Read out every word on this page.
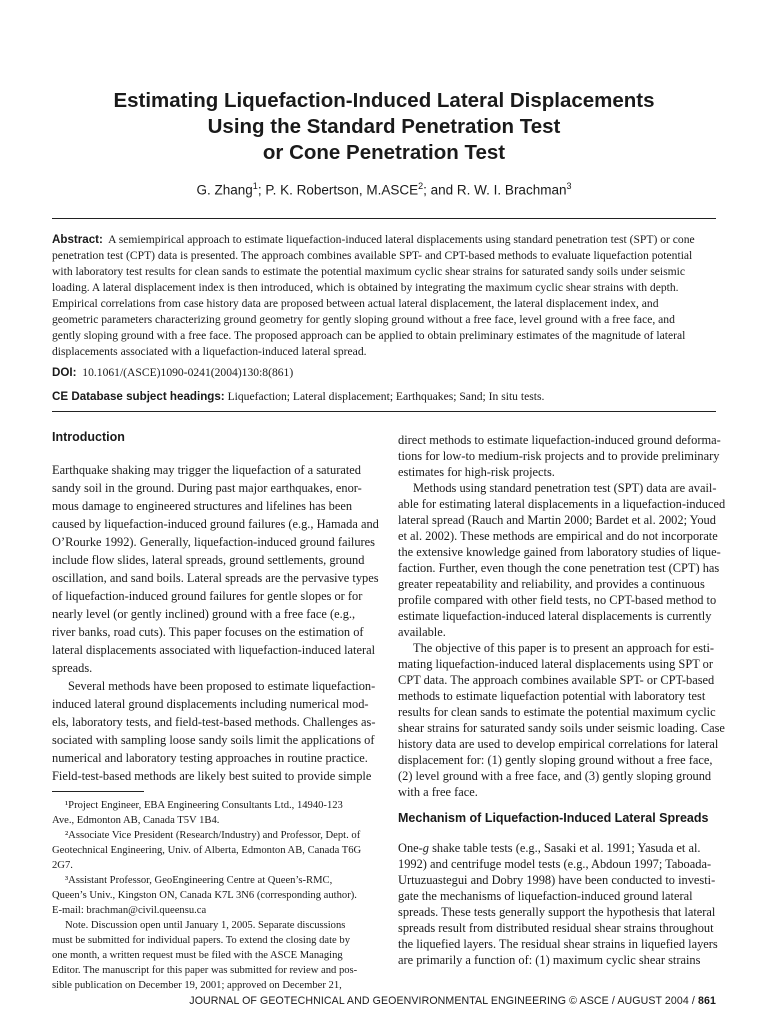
Estimating Liquefaction-Induced Lateral Displacements
Using the Standard Penetration Test
or Cone Penetration Test
G. Zhang$^1$; P. K. Robertson, M.ASCE$^2$; and R. W. I. Brachman$^3$
Abstract: A semiempirical approach to estimate liquefaction-induced lateral displacements using standard penetration test (SPT) or cone
penetration test (CPT) data is presented. The approach combines available SPT- and CPT-based methods to evaluate liquefaction potential
with laboratory test results for clean sands to estimate the potential maximum cyclic shear strains for saturated sandy soils under seismic
loading. A lateral displacement index is then introduced, which is obtained by integrating the maximum cyclic shear strains with depth.
Empirical correlations from case history data are proposed between actual lateral displacement, the lateral displacement index, and
geometric parameters characterizing ground geometry for gently sloping ground without a free face, level ground with a free face, and
gently sloping ground with a free face. The proposed approach can be applied to obtain preliminary estimates of the magnitude of lateral
displacements associated with a liquefaction-induced lateral spread.
DOI: 10.1061/(ASCE)1090-0241(2004)130:8(861)
CE Database subject headings: Liquefaction; Lateral displacement; Earthquakes; Sand; In situ tests.
Introduction
Earthquake shaking may trigger the liquefaction of a saturated
sandy soil in the ground. During past major earthquakes, enor-
mous damage to engineered structures and lifelines has been
caused by liquefaction-induced ground failures (e.g., Hamada and
O’Rourke 1992). Generally, liquefaction-induced ground failures
include flow slides, lateral spreads, ground settlements, ground
oscillation, and sand boils. Lateral spreads are the pervasive types
of liquefaction-induced ground failures for gentle slopes or for
nearly level (or gently inclined) ground with a free face (e.g.,
river banks, road cuts). This paper focuses on the estimation of
lateral displacements associated with liquefaction-induced lateral
spreads.
Several methods have been proposed to estimate liquefaction-
induced lateral ground displacements including numerical mod-
els, laboratory tests, and field-test-based methods. Challenges as-
sociated with sampling loose sandy soils limit the applications of
numerical and laboratory testing approaches in routine practice.
Field-test-based methods are likely best suited to provide simple
¹Project Engineer, EBA Engineering Consultants Ltd., 14940-123
Ave., Edmonton AB, Canada T5V 1B4.
²Associate Vice President (Research/Industry) and Professor, Dept. of
Geotechnical Engineering, Univ. of Alberta, Edmonton AB, Canada T6G
2G7.
³Assistant Professor, GeoEngineering Centre at Queen’s-RMC,
Queen’s Univ., Kingston ON, Canada K7L 3N6 (corresponding author).
E-mail: brachman@civil.queensu.ca
Note. Discussion open until January 1, 2005. Separate discussions
must be submitted for individual papers. To extend the closing date by
one month, a written request must be filed with the ASCE Managing
Editor. The manuscript for this paper was submitted for review and pos-
sible publication on December 19, 2001; approved on December 21,
direct methods to estimate liquefaction-induced ground deforma-
tions for low-to medium-risk projects and to provide preliminary
estimates for high-risk projects.
Methods using standard penetration test (SPT) data are avail-
able for estimating lateral displacements in a liquefaction-induced
lateral spread (Rauch and Martin 2000; Bardet et al. 2002; Youd
et al. 2002). These methods are empirical and do not incorporate
the extensive knowledge gained from laboratory studies of lique-
faction. Further, even though the cone penetration test (CPT) has
greater repeatability and reliability, and provides a continuous
profile compared with other field tests, no CPT-based method to
estimate liquefaction-induced lateral displacements is currently
available.
The objective of this paper is to present an approach for esti-
mating liquefaction-induced lateral displacements using SPT or
CPT data. The approach combines available SPT- or CPT-based
methods to estimate liquefaction potential with laboratory test
results for clean sands to estimate the potential maximum cyclic
shear strains for saturated sandy soils under seismic loading. Case
history data are used to develop empirical correlations for lateral
displacement for: (1) gently sloping ground without a free face,
(2) level ground with a free face, and (3) gently sloping ground
with a free face.
Mechanism of Liquefaction-Induced Lateral Spreads
One-g shake table tests (e.g., Sasaki et al. 1991; Yasuda et al.
1992) and centrifuge model tests (e.g., Abdoun 1997; Taboada-
Urtuzuastegui and Dobry 1998) have been conducted to investi-
gate the mechanisms of liquefaction-induced ground lateral
spreads. These tests generally support the hypothesis that lateral
spreads result from distributed residual shear strains throughout
the liquefied layers. The residual shear strains in liquefied layers
are primarily a function of: (1) maximum cyclic shear strains
JOURNAL OF GEOTECHNICAL AND GEOENVIRONMENTAL ENGINEERING © ASCE / AUGUST 2004 / 861
